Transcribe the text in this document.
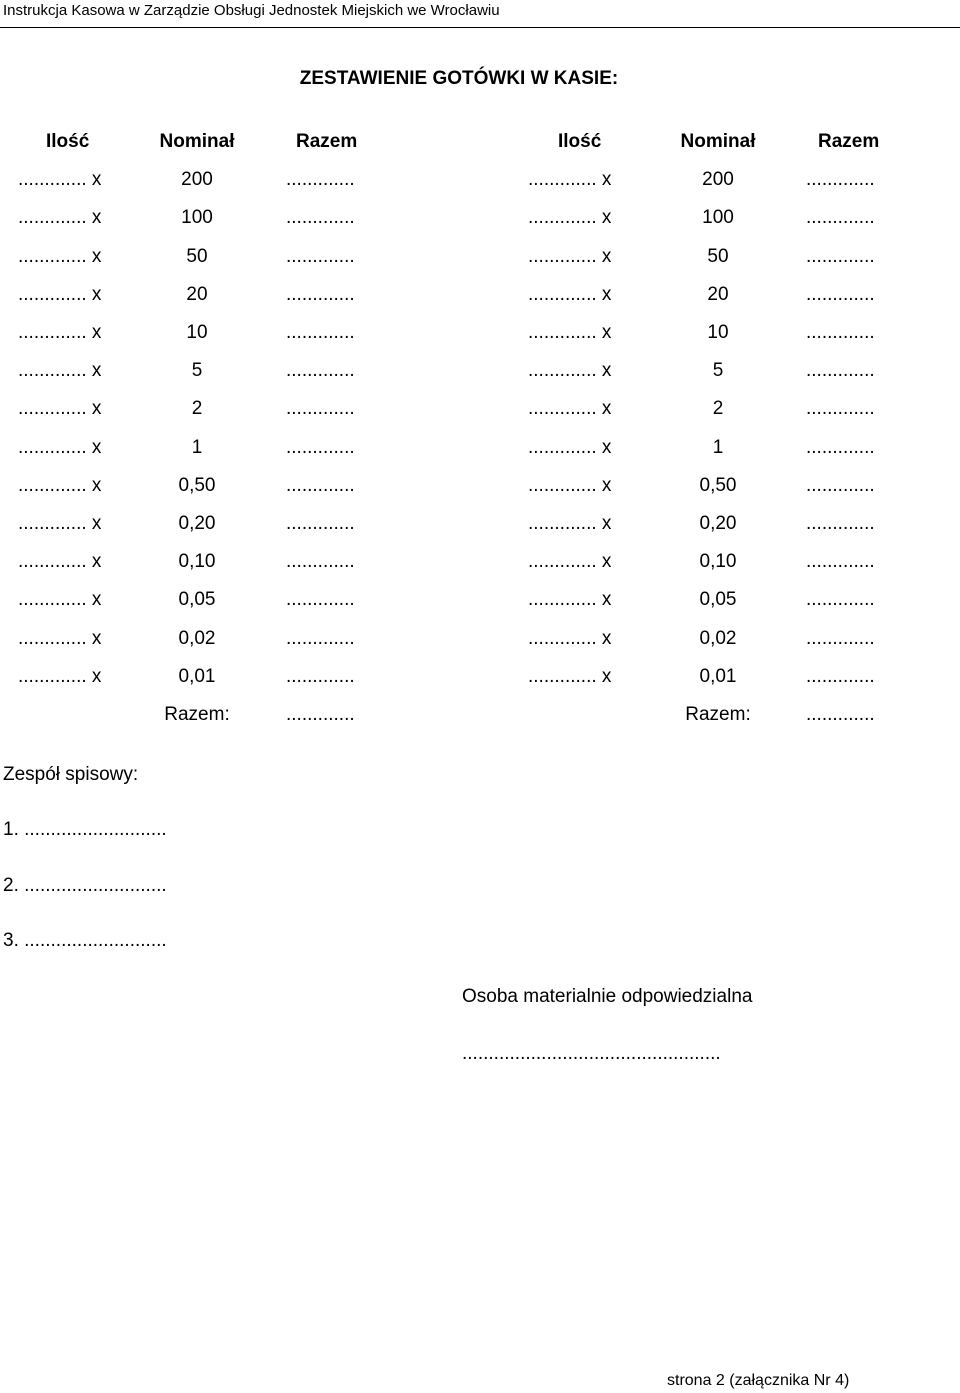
Instrukcja Kasowa w Zarządzie Obsługi Jednostek Miejskich we Wrocławiu
ZESTAWIENIE GOTÓWKI W KASIE:
Ilość	Nominał	Razem
............. x	200	.............
............. x	100	.............
............. x	50	.............
............. x	20	.............
............. x	10	.............
............. x	5	.............
............. x	2	.............
............. x	1	.............
............. x	0,50	.............
............. x	0,20	.............
............. x	0,10	.............
............. x	0,05	.............
............. x	0,02	.............
............. x	0,01	.............
Razem:	.............
Ilość	Nominał	Razem
............. x	200	.............
............. x	100	.............
............. x	50	.............
............. x	20	.............
............. x	10	.............
............. x	5	.............
............. x	2	.............
............. x	1	.............
............. x	0,50	.............
............. x	0,20	.............
............. x	0,10	.............
............. x	0,05	.............
............. x	0,02	.............
............. x	0,01	.............
Razem:	.............
Zespół spisowy:
1. ...........................
2. ...........................
3. ...........................
Osoba materialnie odpowiedzialna
.................................................
strona 2 (załącznika Nr 4)
